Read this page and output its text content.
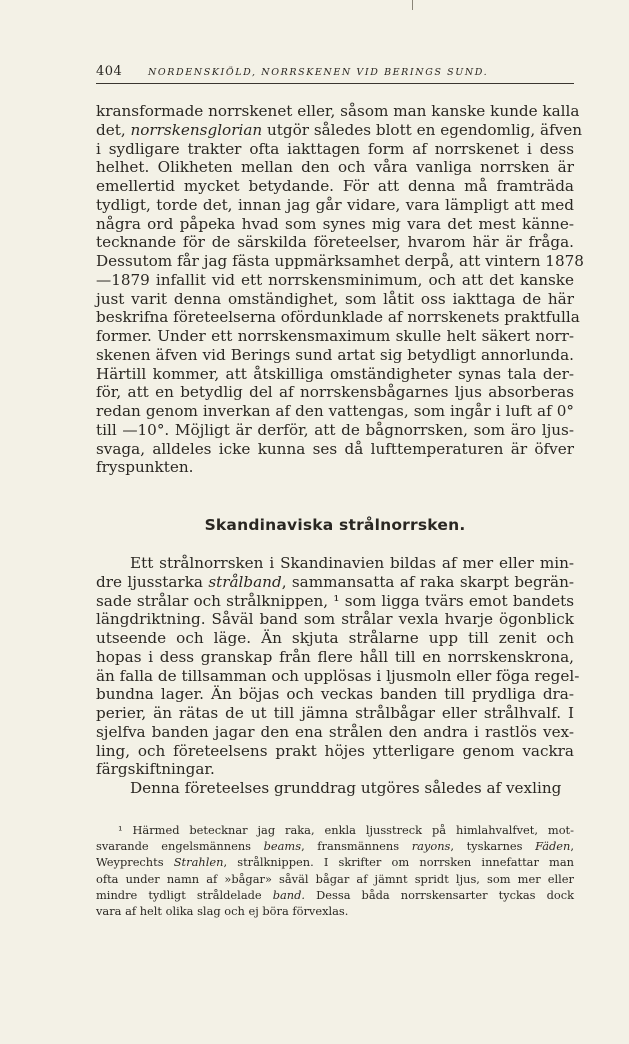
404	NORDENSKIÖLD, NORRSKENEN VID BERINGS SUND.

kransformade norrskenet eller, såsom man kanske kunde kalla
det, norrskensglorian utgör således blott en egendomlig, äfven
i sydligare trakter ofta iakttagen form af norrskenet i dess
helhet. Olikheten mellan den och våra vanliga norrsken är
emellertid mycket betydande. För att denna må framträda
tydligt, torde det, innan jag går vidare, vara lämpligt att med
några ord påpeka hvad som synes mig vara det mest känne-
tecknande för de särskilda företeelser, hvarom här är fråga.
Dessutom får jag fästa uppmärksamhet derpå, att vintern 1878
—1879 infallit vid ett norrskensminimum, och att det kanske
just varit denna omständighet, som låtit oss iakttaga de här
beskrifna företeelserna ofördunklade af norrskenets praktfulla
former. Under ett norrskensmaximum skulle helt säkert norr-
skenen äfven vid Berings sund artat sig betydligt annorlunda.
Härtill kommer, att åtskilliga omständigheter synas tala der-
för, att en betydlig del af norrskensbågarnes ljus absorberas
redan genom inverkan af den vattengas, som ingår i luft af 0°
till —10°. Möjligt är derför, att de bågnorrsken, som äro ljus-
svaga, alldeles icke kunna ses då lufttemperaturen är öfver
fryspunkten.

Skandinaviska strålnorrsken.

Ett strålnorrsken i Skandinavien bildas af mer eller min-
dre ljusstarka strålband, sammansatta af raka skarpt begrän-
sade strålar och strålknippen, ¹ som ligga tvärs emot bandets
längdriktning. Såväl band som strålar vexla hvarje ögonblick
utseende och läge. Än skjuta strålarne upp till zenit och
hopas i dess granskap från flere håll till en norrskenskrona,
än falla de tillsamman och upplösas i ljusmoln eller föga regel-
bundna lager. Än böjas och veckas banden till prydliga dra-
perier, än rätas de ut till jämna strålbågar eller strålhvalf. I
sjelfva banden jagar den ena strålen den andra i rastlös vex-
ling, och företeelsens prakt höjes ytterligare genom vackra
färgskiftningar.
Denna företeelses grunddrag utgöres således af vexling

¹ Härmed betecknar jag raka, enkla ljusstreck på himlahvalfvet, mot-
svarande engelsmännens beams, fransmännens rayons, tyskarnes Fäden,
Weyprechts Strahlen, strålknippen. I skrifter om norrsken innefattar man
ofta under namn af »bågar» såväl bågar af jämnt spridt ljus, som mer eller
mindre tydligt stråldelade band. Dessa båda norrskensarter tyckas dock
vara af helt olika slag och ej böra förvexlas.
